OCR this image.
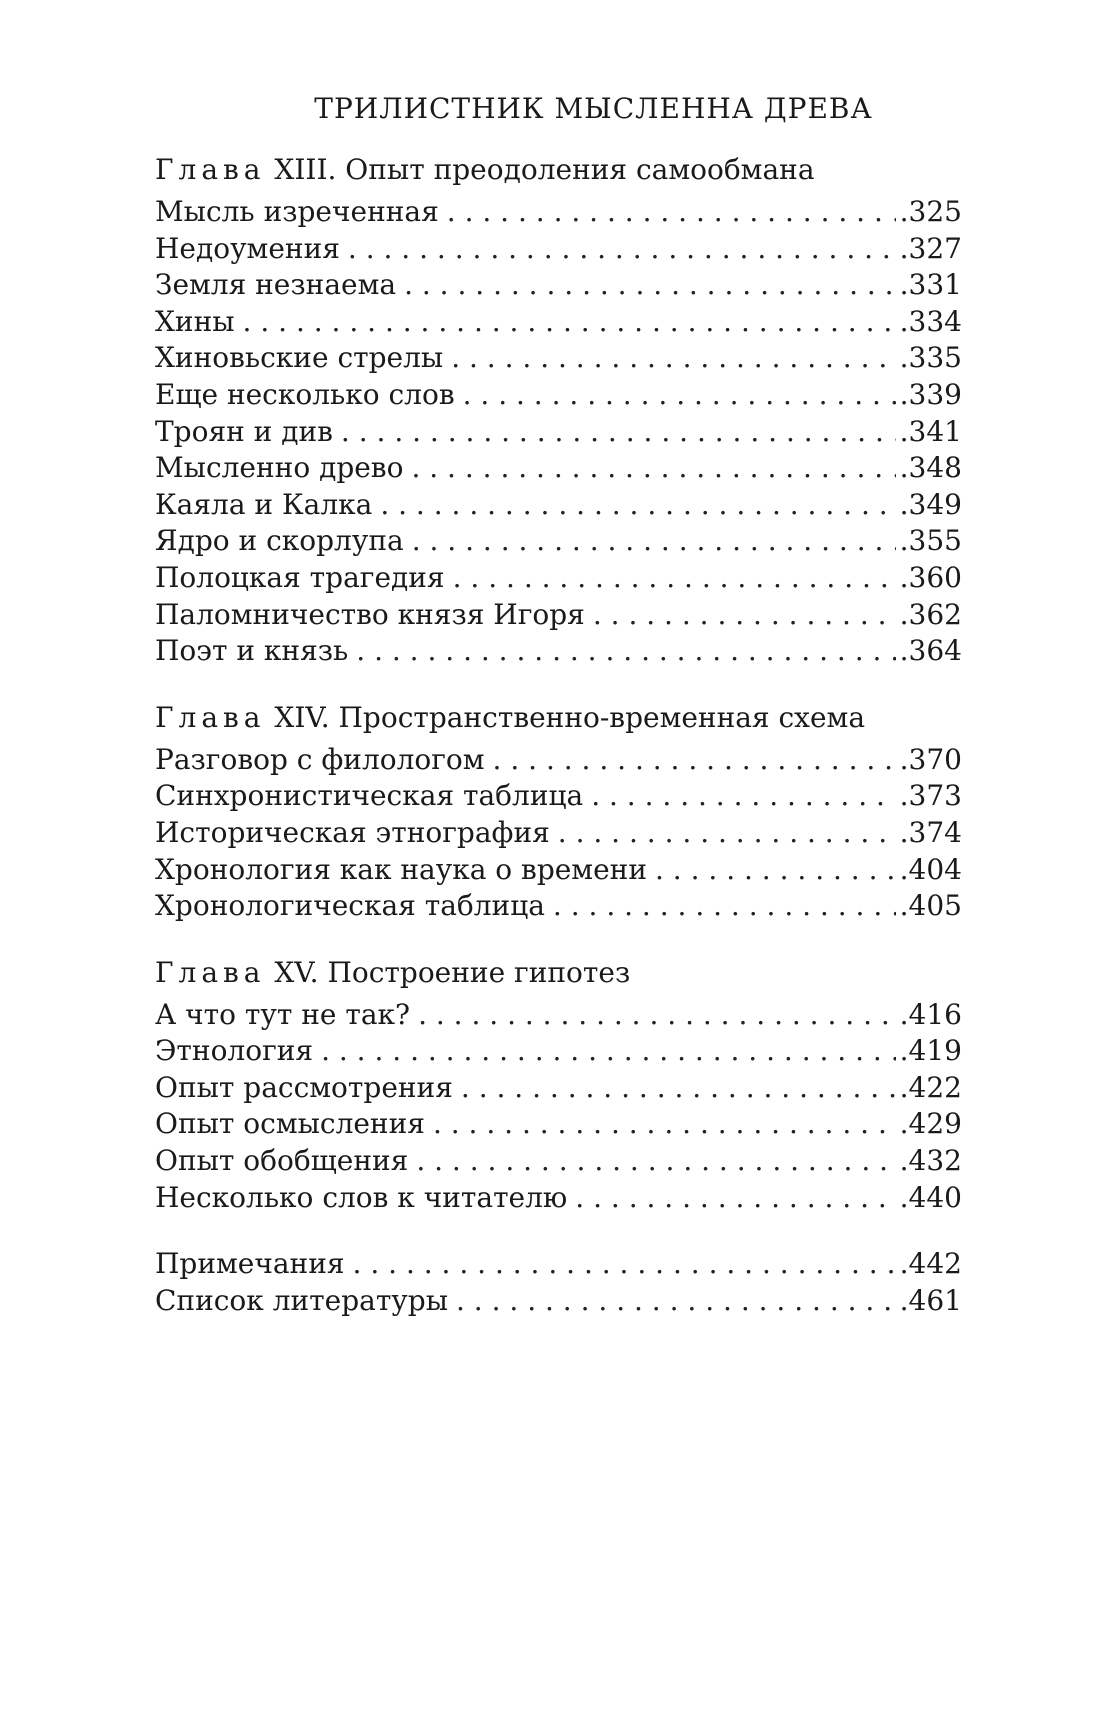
ТРИЛИСТНИК МЫСЛЕННА ДРЕВА
Глава XIII. Опыт преодоления самообмана
Мысль изреченная . . .	.325
Недоумения . . .	.327
Земля незнаема . . .	.331
Хины . . .	.334
Хиновьские стрелы . . .	.335
Еще несколько слов . . .	.339
Троян и див . . .	.341
Мысленно древо . . .	.348
Каяла и Калка . . .	.349
Ядро и скорлупа . . .	.355
Полоцкая трагедия . . .	.360
Паломничество князя Игоря . . .	.362
Поэт и князь . . .	.364
Глава XIV. Пространственно-временная схема
Разговор с филологом . . .	.370
Синхронистическая таблица . . .	.373
Историческая этнография . . .	.374
Хронология как наука о времени . . .	.404
Хронологическая таблица . . .	.405
Глава XV. Построение гипотез
А что тут не так? . . .	.416
Этнология . . .	.419
Опыт рассмотрения . . .	.422
Опыт осмысления . . .	.429
Опыт обобщения . . .	.432
Несколько слов к читателю . . .	.440
Примечания . . .	.442
Список литературы . . .	.461
